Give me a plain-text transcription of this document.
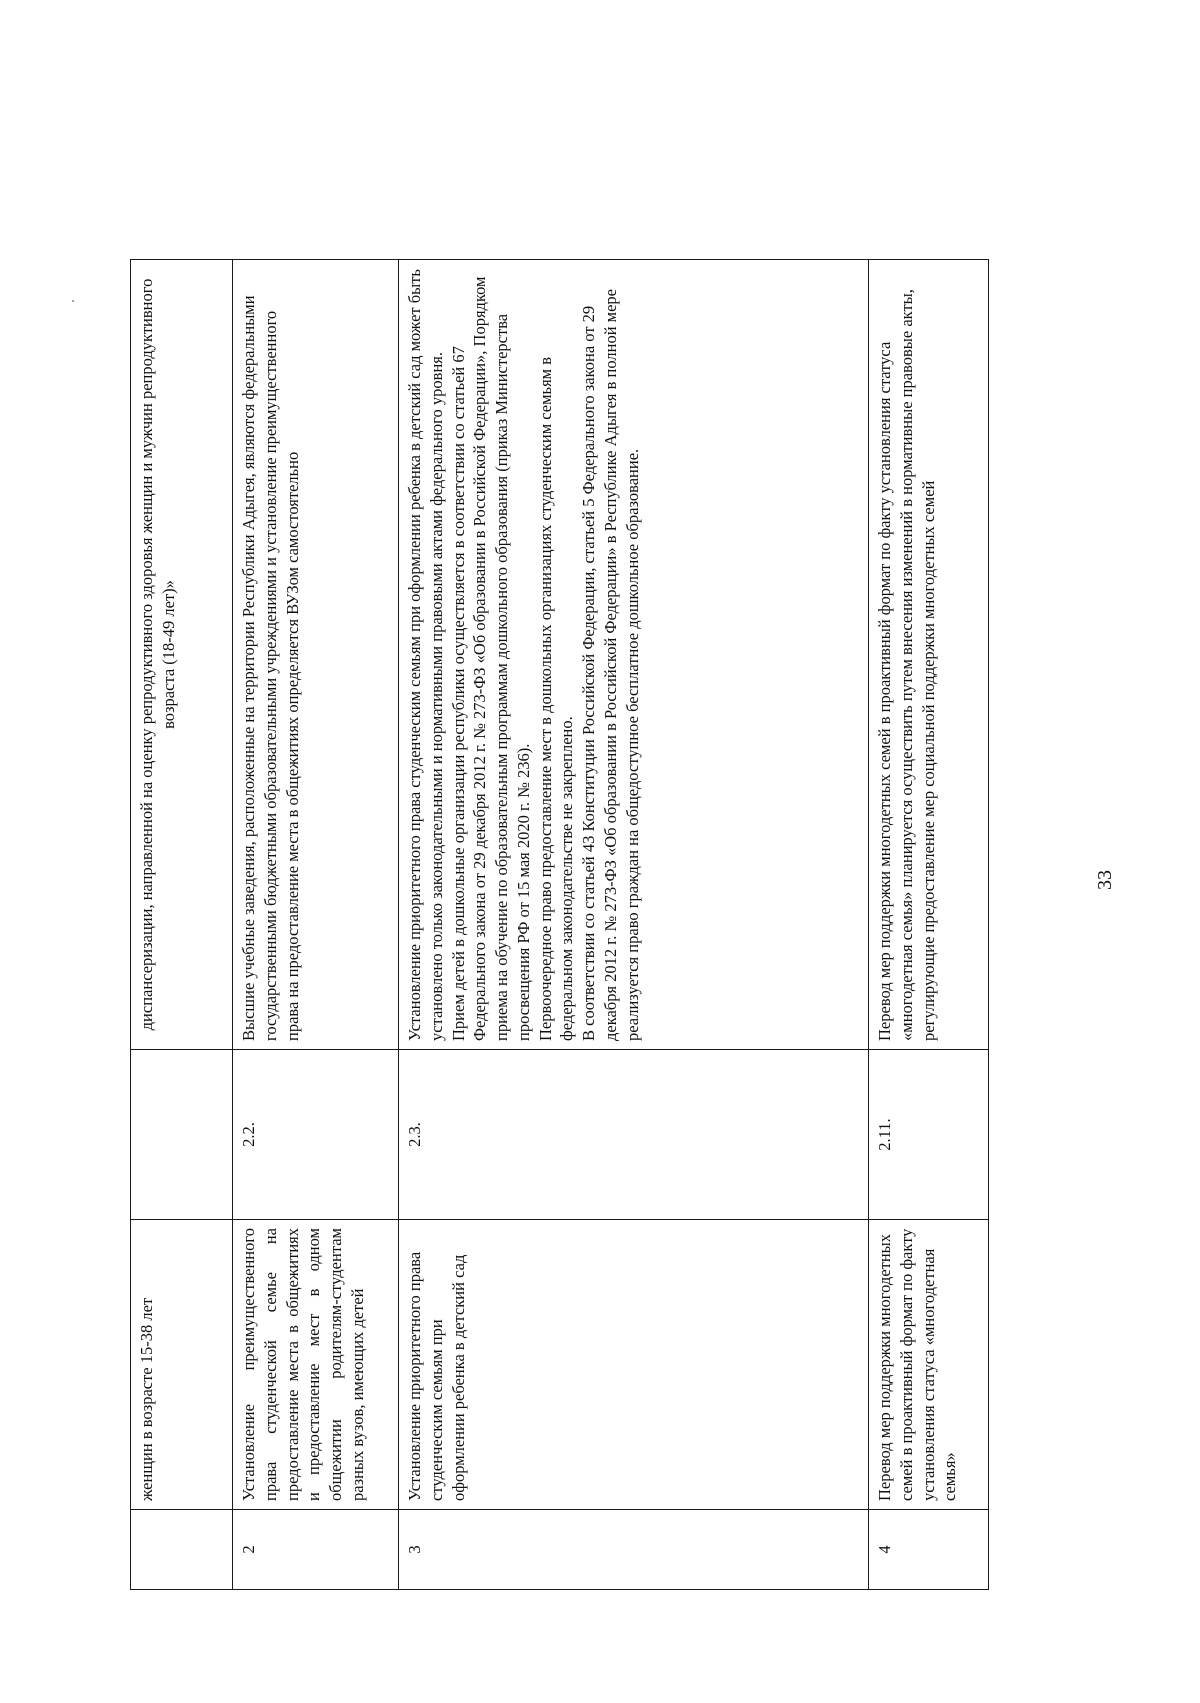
	женщин в возрасте 15-38 лет		диспансеризации, направленной на оценку репродуктивного здоровья женщин и мужчин репродуктивного возраста (18-49 лет)»
2	Установление преимущественного права студенческой семье на предоставление места в общежитиях и предоставление мест в одном общежитии родителям-студентам разных вузов, имеющих детей	2.2.	Высшие учебные заведения, расположенные на территории Республики Адыгея, являются федеральными государственными бюджетными образовательными учреждениями и установление преимущественного права на предоставление места в общежитиях определяется ВУЗом самостоятельно
3	Установление приоритетного права студенческим семьям при оформлении ребенка в детский сад	2.3.	Установление приоритетного права студенческим семьям при оформлении ребенка в детский сад может быть установлено только законодательными и нормативными правовыми актами федерального уровня. Прием детей в дошкольные организации республики осуществляется в соответствии со статьей 67 Федерального закона от 29 декабря 2012 г. № 273-ФЗ «Об образовании в Российской Федерации», Порядком приема на обучение по образовательным программам дошкольного образования (приказ Министерства просвещения РФ от 15 мая 2020 г. № 236). Первоочередное право предоставление мест в дошкольных организациях студенческим семьям в федеральном законодательстве не закреплено. В соответствии со статьей 43 Конституции Российской Федерации, статьей 5 Федерального закона от 29 декабря 2012 г. № 273-ФЗ «Об образовании в Российской Федерации» в Республике Адыгея в полной мере реализуется право граждан на общедоступное бесплатное дошкольное образование.

4	Перевод мер поддержки многодетных семей в проактивный формат по факту установления статуса «многодетная семья»	2.11.	Перевод мер поддержки многодетных семей в проактивный формат по факту установления статуса «многодетная семья» планируется осуществить путем внесения изменений в нормативные правовые акты, регулирующие предоставление мер социальной поддержки многодетных семей	33
